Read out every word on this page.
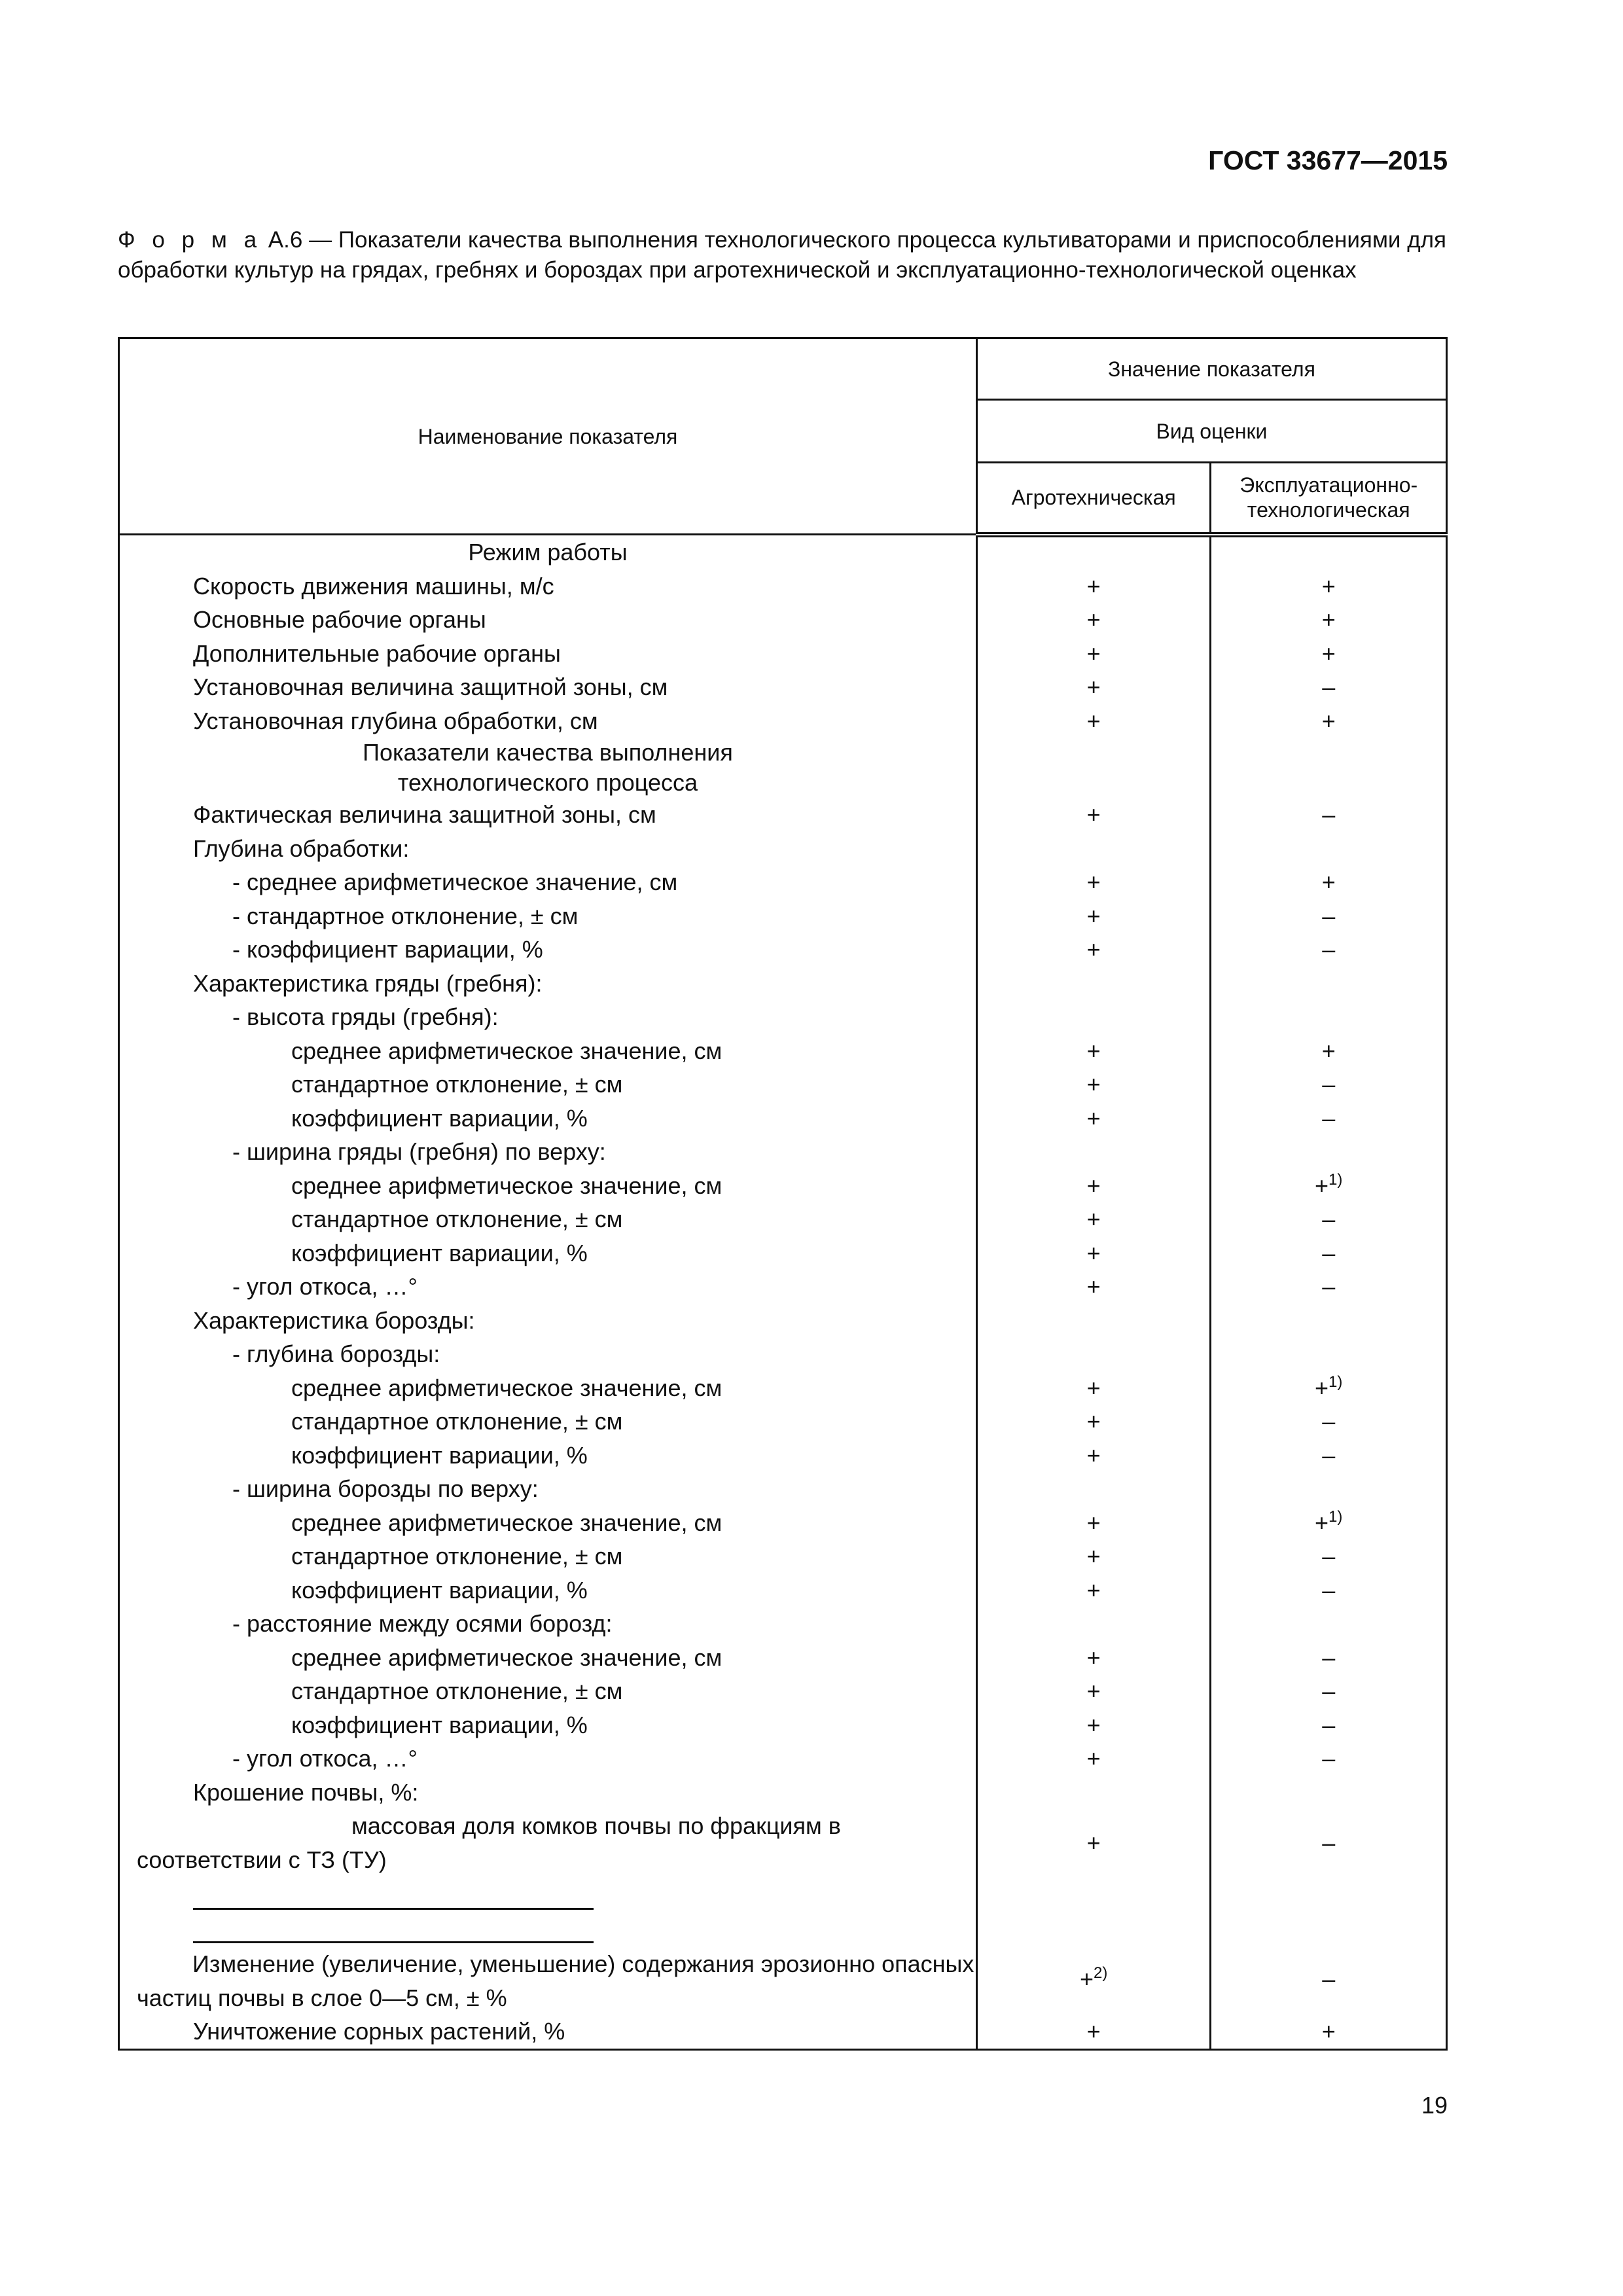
ГОСТ 33677—2015
Ф о р м а А.6 — Показатели качества выполнения технологического процесса культиваторами и приспособлениями для обработки культур на грядах, гребнях и бороздах при агротехнической и эксплуатационно-технологической оценках
Наименование показателя	Значение показателя	
	Вид оценки	
	Агротехническая	Эксплуатационно-технологическая
Режим работы		
Скорость движения машины, м/с	+	+
Основные рабочие органы	+	+
Дополнительные рабочие органы	+	+
Установочная величина защитной зоны, см	+	–
Установочная глубина обработки, см	+	+
Показатели качества выполнения технологического процесса		
Фактическая величина защитной зоны, см	+	–
Глубина обработки:		
- среднее арифметическое значение, см	+	+
- стандартное отклонение, ± см	+	–
- коэффициент вариации, %	+	–
Характеристика гряды (гребня):		
- высота гряды (гребня):		
среднее арифметическое значение, см	+	+
стандартное отклонение, ± см	+	–
коэффициент вариации, %	+	–
- ширина гряды (гребня) по верху:		
среднее арифметическое значение, см	+	+$^{1)}$
стандартное отклонение, ± см	+	–
коэффициент вариации, %	+	–
- угол откоса, …°	+	–
Характеристика борозды:		
- глубина борозды:		
среднее арифметическое значение, см	+	+$^{1)}$
стандартное отклонение, ± см	+	–
коэффициент вариации, %	+	–
- ширина борозды по верху:		
среднее арифметическое значение, см	+	+$^{1)}$
стандартное отклонение, ± см	+	–
коэффициент вариации, %	+	–
- расстояние между осями борозд:		
среднее арифметическое значение, см	+	–
стандартное отклонение, ± см	+	–
коэффициент вариации, %	+	–
- угол откоса, …°	+	–
Крошение почвы, %:		
массовая доля комков почвы по фракциям в соответствии с ТЗ (ТУ)	+	–

Изменение (увеличение, уменьшение) содержания эрозионно опасных частиц почвы в слое 0—5 см, ± %	+$^{2)}$	–
Уничтожение сорных растений, %	+	+
19
